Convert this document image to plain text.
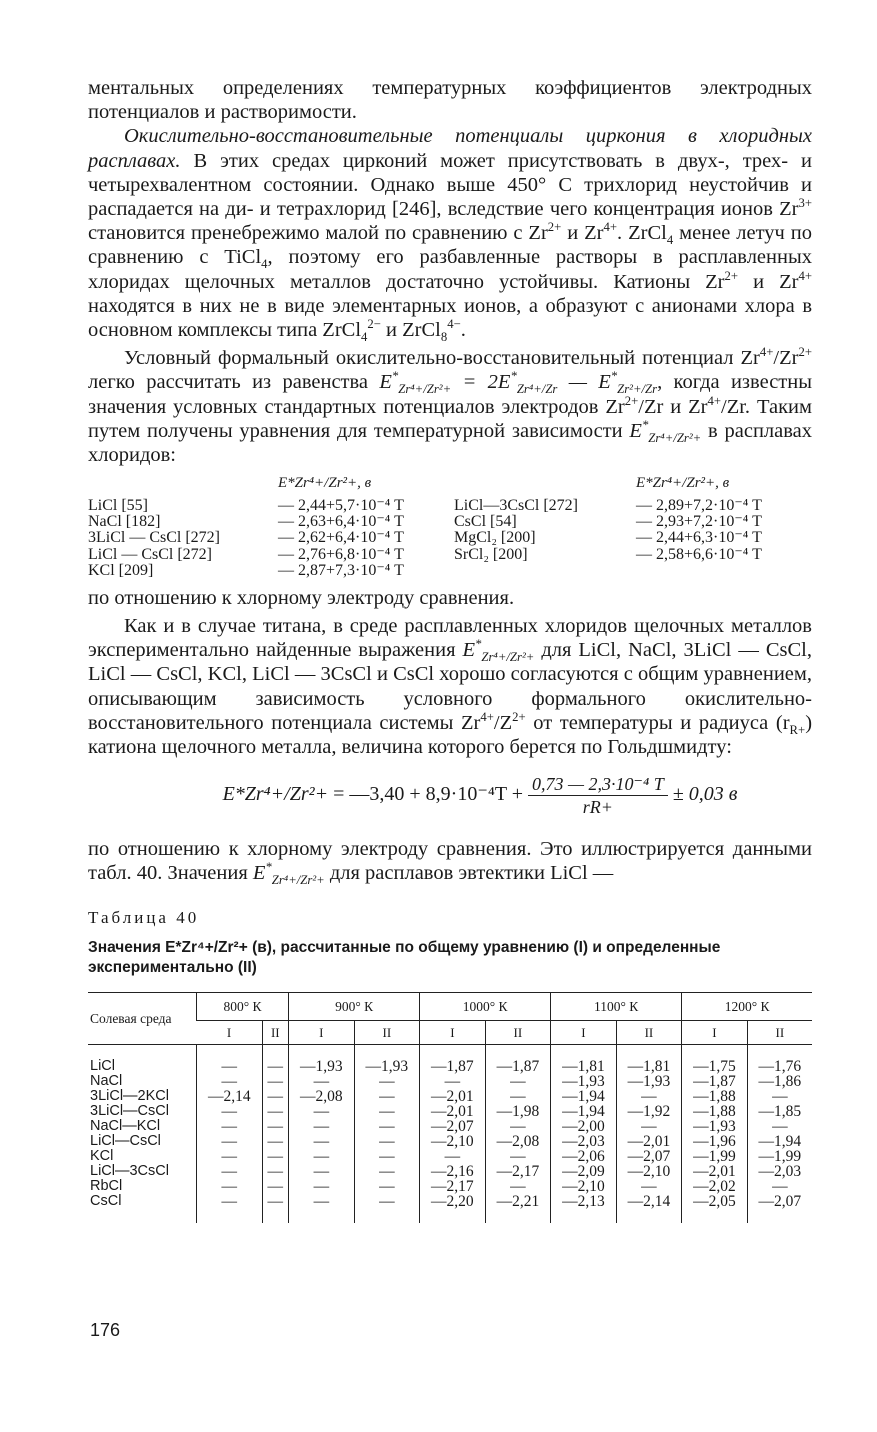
ментальных определениях температурных коэффициентов электродных потенциалов и растворимости.

Окислительно-восстановительные потенциалы циркония в хлоридных расплавах. В этих средах цирконий может присутствовать в двух-, трех- и четырехвалентном состоянии. Однако выше 450° С трихлорид неустойчив и распадается на ди- и тетрахлорид [246], вследствие чего концентрация ионов $Zr^{3+}$ становится пренебрежимо малой по сравнению с $Zr^{2+}$ и $Zr^{4+}$. ZrCl$_4$ менее летуч по сравнению с TiCl$_4$, поэтому его разбавленные растворы в расплавленных хлоридах щелочных металлов достаточно устойчивы. Катионы $Zr^{2+}$ и $Zr^{4+}$ находятся в них не в виде элементарных ионов, а образуют с анионами хлора в основном комплексы типа ZrCl$_4^{2-}$ и ZrCl$_8^{4-}$.

Условный формальный окислительно-восстановительный потенциал $Zr^{4+}/Zr^{2+}$ легко рассчитать из равенства $E^*_{Zr^4+/Zr^2+} = 2E^*_{Zr^4+/Zr}$ — $E^*_{Zr^2+/Zr}$, когда известны значения условных стандартных потенциалов электродов $Zr^{2+}/Zr$ и $Zr^{4+}/Zr$. Таким путем получены уравнения для температурной зависимости $E^*_{Zr^4+/Zr^2+}$ в расплавах хлоридов:

	E*Zr⁴+/Zr²+, в		E*Zr⁴+/Zr²+, в
LiCl [55]	— 2,44+5,7·10⁻⁴ T	LiCl—3CsCl [272]	— 2,89+7,2·10⁻⁴ T
NaCl [182]	— 2,63+6,4·10⁻⁴ T	CsCl [54]	— 2,93+7,2·10⁻⁴ T
3LiCl — CsCl [272]	— 2,62+6,4·10⁻⁴ T	MgCl₂ [200]	— 2,44+6,3·10⁻⁴ T
LiCl — CsCl [272]	— 2,76+6,8·10⁻⁴ T	SrCl₂ [200]	— 2,58+6,6·10⁻⁴ T
KCl [209]	— 2,87+7,3·10⁻⁴ T		

по отношению к хлорному электроду сравнения.

Как и в случае титана, в среде расплавленных хлоридов щелочных металлов экспериментально найденные выражения $E^*_{Zr^4+/Zr^2+}$ для LiCl, NaCl, 3LiCl — CsCl, LiCl — CsCl, KCl, LiCl — 3CsCl и CsCl хорошо согласуются с общим уравнением, описывающим зависимость условного формального окислительно-восстановительного потенциала системы $Zr^{4+}/Z^{2+}$ от температуры и радиуса $(r_{R+})$ катиона щелочного металла, величина которого берется по Гольдшмидту:

E*Zr⁴+/Zr²+ = —3,40 + $8,9\cdot 10^{-4}T + \frac{\text{0,73 — 2,3·10⁻⁴ T}}{rR+} \pm 0,03$ в

по отношению к хлорному электроду сравнения. Это иллюстрируется данными табл. 40. Значения $E^*_{Zr^4+/Zr^2+}$ для расплавов эвтектики LiCl —

Таблица 40
Значения E*Zr⁴+/Zr²+ (в), рассчитанные по общему уравнению (I) и определенные экспериментально (II)
Солевая среда	800° К		900° К		1000° К		1100° К		1200° К	
	I	II	I	II	I	II	I	II	I	II
LiCl	—	—	—1,93	—1,93	—1,87	—1,87	—1,81	—1,81	—1,75	—1,76
NaCl	—	—	—	—	—	—	—1,93	—1,93	—1,87	—1,86
3LiCl—2KCl	—2,14	—	—2,08	—	—2,01	—	—1,94	—	—1,88	—
3LiCl—CsCl	—	—	—	—	—2,01	—1,98	—1,94	—1,92	—1,88	—1,85
NaCl—KCl	—	—	—	—	—2,07	—	—2,00	—	—1,93	—
LiCl—CsCl	—	—	—	—	—2,10	—2,08	—2,03	—2,01	—1,96	—1,94
KCl	—	—	—	—	—	—	—2,06	—2,07	—1,99	—1,99
LiCl—3CsCl	—	—	—	—	—2,16	—2,17	—2,09	—2,10	—2,01	—2,03
RbCl	—	—	—	—	—2,17	—	—2,10	—	—2,02	—
CsCl	—	—	—	—	—2,20	—2,21	—2,13	—2,14	—2,05	—2,07
176
